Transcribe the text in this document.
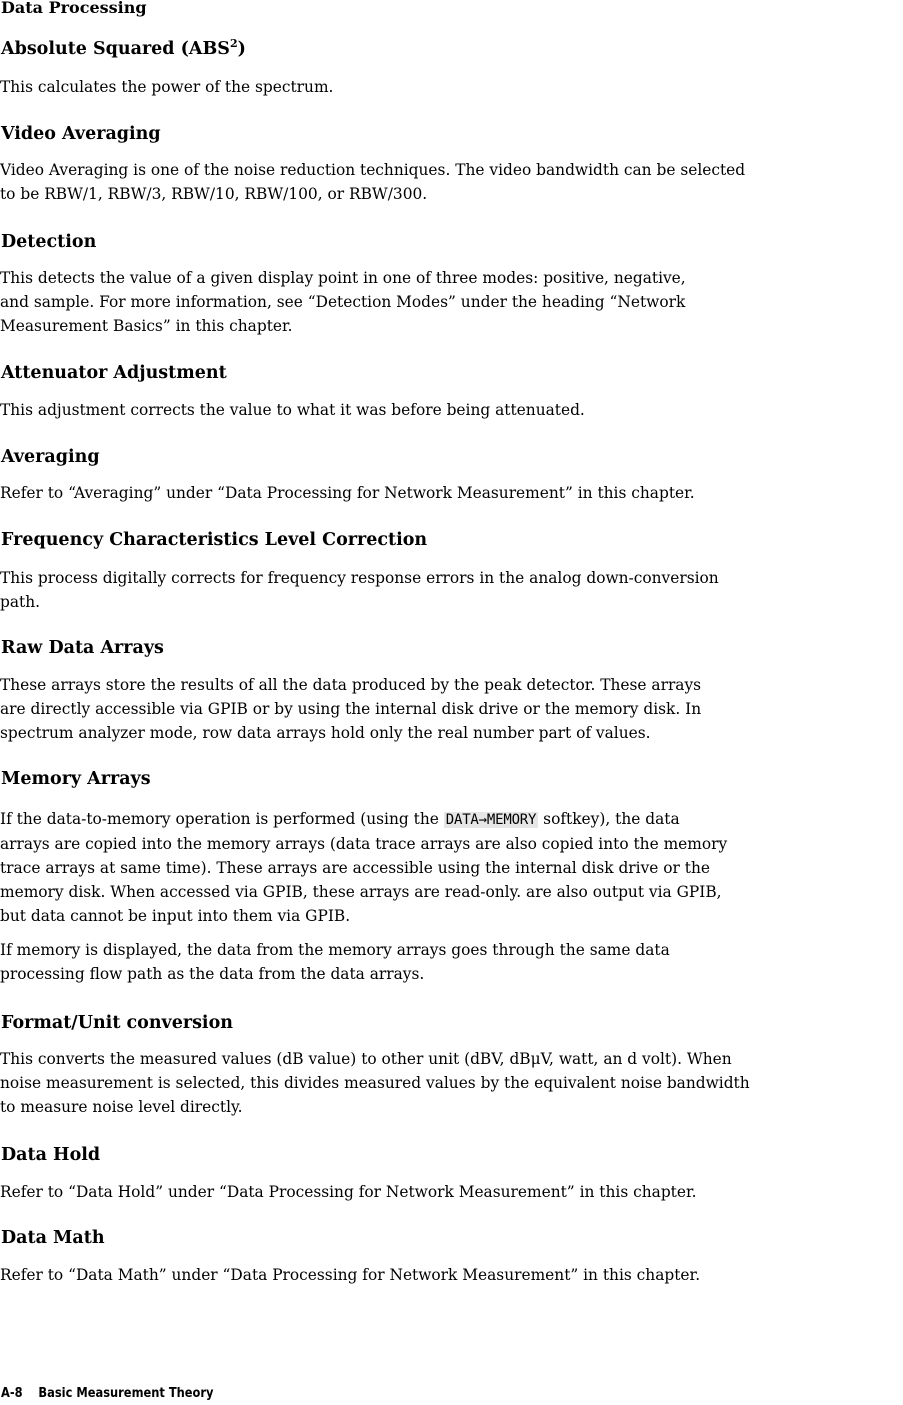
Data Processing
Absolute Squared (ABS$^2$)

This calculates the power of the spectrum.

Video Averaging

Video Averaging is one of the noise reduction techniques. The video bandwidth can be selected
to be RBW/1, RBW/3, RBW/10, RBW/100, or RBW/300.

Detection

This detects the value of a given display point in one of three modes: positive, negative,
and sample. For more information, see “Detection Modes” under the heading “Network
Measurement Basics” in this chapter.

Attenuator Adjustment

This adjustment corrects the value to what it was before being attenuated.

Averaging

Refer to “Averaging” under “Data Processing for Network Measurement” in this chapter.

Frequency Characteristics Level Correction

This process digitally corrects for frequency response errors in the analog down-conversion
path.

Raw Data Arrays

These arrays store the results of all the data produced by the peak detector. These arrays
are directly accessible via GPIB or by using the internal disk drive or the memory disk. In
spectrum analyzer mode, row data arrays hold only the real number part of values.

Memory Arrays

If the data-to-memory operation is performed (using the DATA→MEMORY softkey), the data
arrays are copied into the memory arrays (data trace arrays are also copied into the memory
trace arrays at same time). These arrays are accessible using the internal disk drive or the
memory disk. When accessed via GPIB, these arrays are read-only. are also output via GPIB,
but data cannot be input into them via GPIB.

If memory is displayed, the data from the memory arrays goes through the same data
processing flow path as the data from the data arrays.

Format/Unit conversion

This converts the measured values (dB value) to other unit (dBV, dBμV, watt, an d volt). When
noise measurement is selected, this divides measured values by the equivalent noise bandwidth
to measure noise level directly.

Data Hold

Refer to “Data Hold” under “Data Processing for Network Measurement” in this chapter.

Data Math

Refer to “Data Math” under “Data Processing for Network Measurement” in this chapter.

A-8 Basic Measurement Theory
